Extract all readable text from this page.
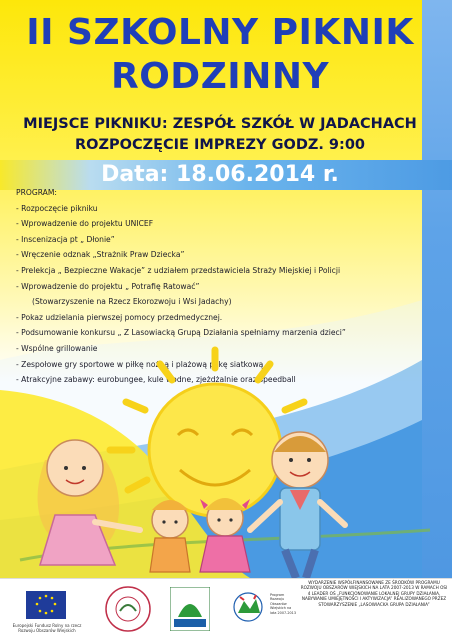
II SZKOLNY PIKNIK
RODZINNY
MIEJSCE PIKNIKU: ZESPÓŁ SZKÓŁ W JADACHACH
ROZPOCZĘCIE IMPREZY GODZ. 9:00
Data: 18.06.2014 r.
PROGRAM:
- Rozpoczęcie pikniku
- Wprowadzenie do projektu UNICEF
- Inscenizacja pt „ Dłonie”
- Wręczenie odznak „Strażnik Praw Dziecka”
- Prelekcja „ Bezpieczne Wakacje” z udziałem przedstawiciela Straży Miejskiej i Policji
- Wprowadzenie do projektu „ Potrafię Ratować”
(Stowarzyszenie na Rzecz Ekorozwoju i Wsi Jadachy)
- Pokaz udzielania pierwszej pomocy przedmedycznej.
- Podsumowanie konkursu „ Z Lasowiacką Grupą Działania spełniamy marzenia dzieci”
- Wspólne grillowanie
- Zespołowe gry sportowe w piłkę nożną i plażową piłkę siatkową
- Atrakcyjne zabawy: eurobungee, kule wodne, zjeżdżalnie oraz speedball
Europejski Fundusz Rolny na rzecz Rozwoju Obszarów Wiejskich
Program Rozwoju Obszarów Wiejskich na lata 2007-2013
WYDARZENIE WSPÓŁFINANSOWANE ZE ŚRODKÓW PROGRAMU ROZWOJU OBSZARÓW WIEJSKICH NA LATA 2007-2013 W RAMACH OSI 4 LEADER OŚ „FUNKCJONOWANIE LOKALNEJ GRUPY DZIAŁANIA, NABYWANIE UMIEJĘTNOŚCI I AKTYWIZACJA” REALIZOWANEGO PRZEZ STOWARZYSZENIE „LASOWIACKA GRUPA DZIAŁANIA”
